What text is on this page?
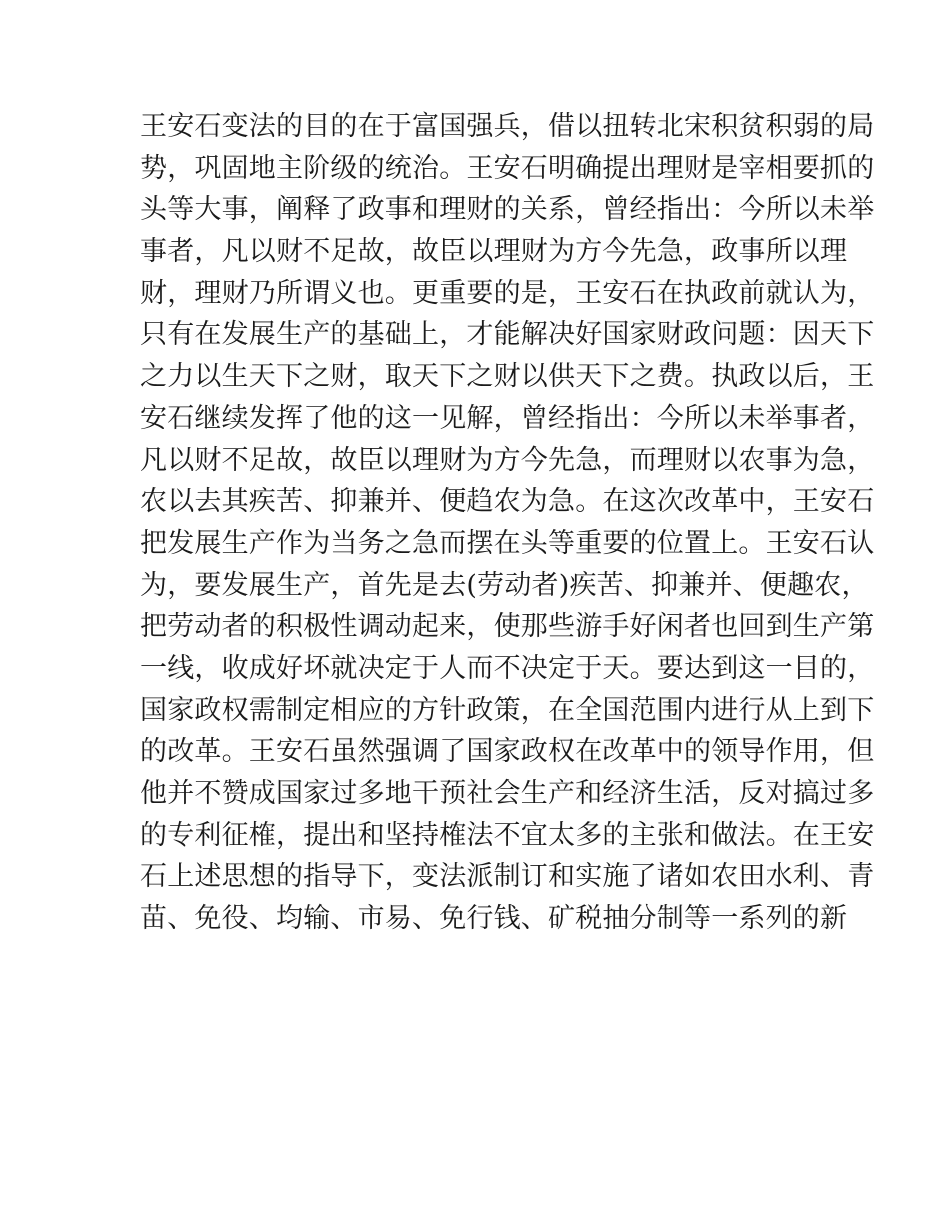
王安石变法的目的在于富国强兵，借以扭转北宋积贫积弱的局
势，巩固地主阶级的统治。王安石明确提出理财是宰相要抓的
头等大事，阐释了政事和理财的关系，曾经指出：今所以未举
事者，凡以财不足故，故臣以理财为方今先急，政事所以理
财，理财乃所谓义也。更重要的是，王安石在执政前就认为，
只有在发展生产的基础上，才能解决好国家财政问题：因天下
之力以生天下之财，取天下之财以供天下之费。执政以后，王
安石继续发挥了他的这一见解，曾经指出：今所以未举事者，
凡以财不足故，故臣以理财为方今先急，而理财以农事为急，
农以去其疾苦、抑兼并、便趋农为急。在这次改革中，王安石
把发展生产作为当务之急而摆在头等重要的位置上。王安石认
为，要发展生产，首先是去(劳动者)疾苦、抑兼并、便趣农，
把劳动者的积极性调动起来，使那些游手好闲者也回到生产第
一线，收成好坏就决定于人而不决定于天。要达到这一目的，
国家政权需制定相应的方针政策，在全国范围内进行从上到下
的改革。王安石虽然强调了国家政权在改革中的领导作用，但
他并不赞成国家过多地干预社会生产和经济生活，反对搞过多
的专利征榷，提出和坚持榷法不宜太多的主张和做法。在王安
石上述思想的指导下，变法派制订和实施了诸如农田水利、青
苗、免役、均输、市易、免行钱、矿税抽分制等一系列的新
